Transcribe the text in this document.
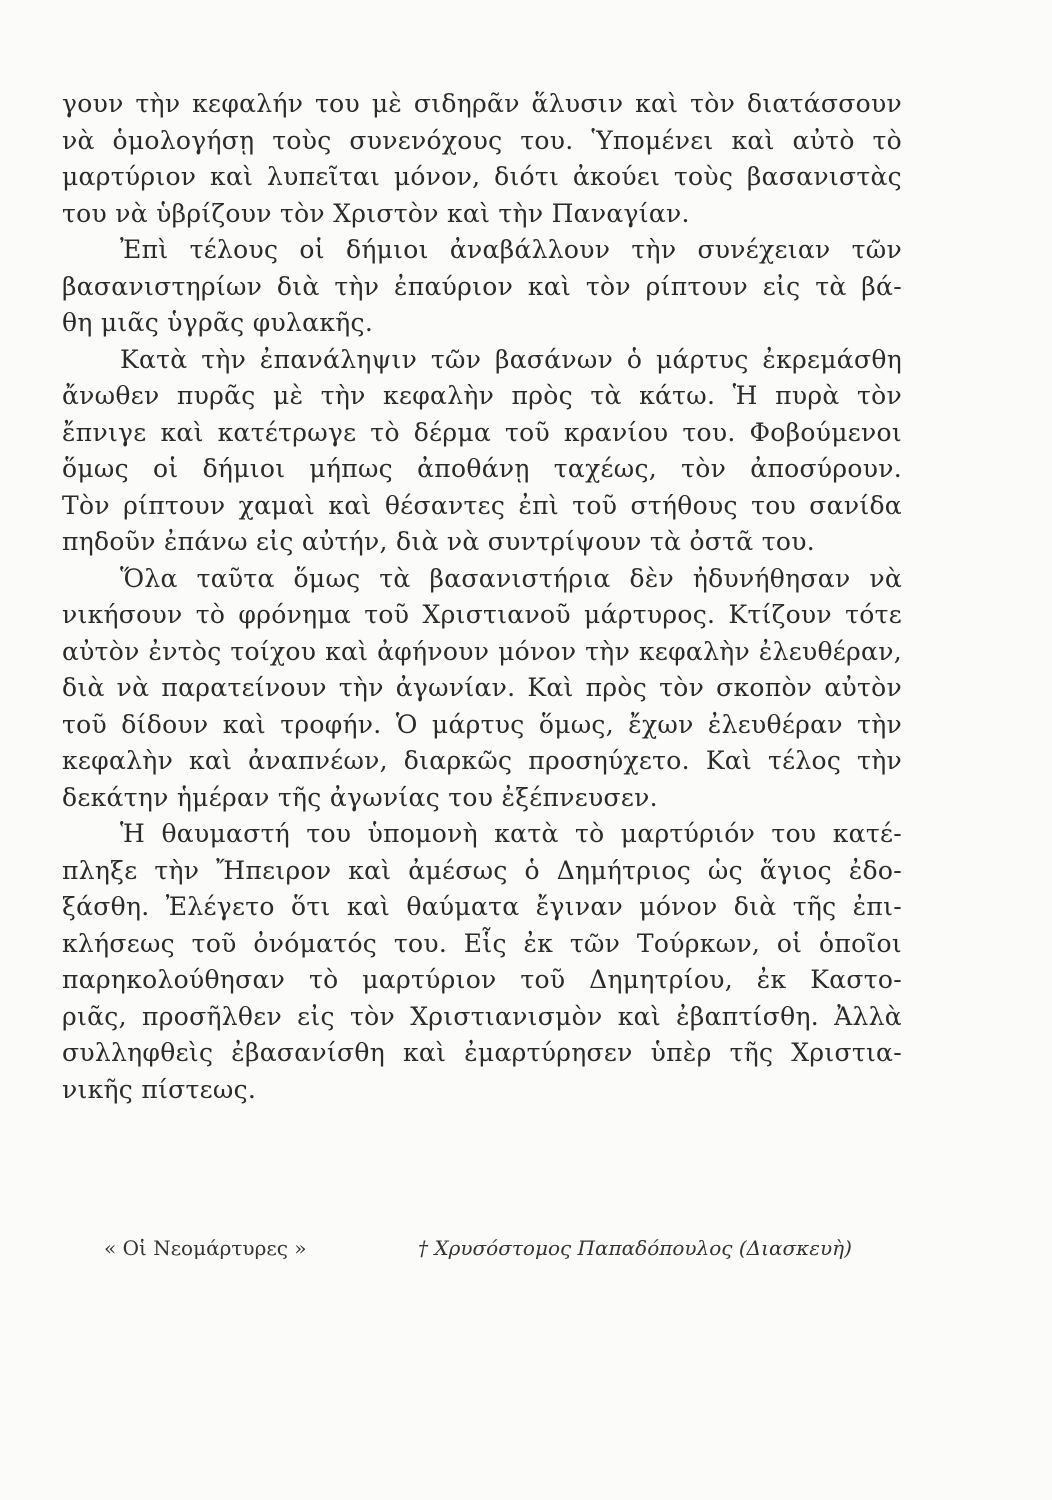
γουν τὴν κεφαλήν του μὲ σιδηρᾶν ἅλυσιν καὶ τὸν διατάσσουν
νὰ ὁμολογήσῃ τοὺς συνενόχους του. Ὑπομένει καὶ αὐτὸ τὸ
μαρτύριον καὶ λυπεῖται μόνον, διότι ἀκούει τοὺς βασανιστὰς
του νὰ ὑβρίζουν τὸν Χριστὸν καὶ τὴν Παναγίαν.
Ἐπὶ τέλους οἱ δήμιοι ἀναβάλλουν τὴν συνέχειαν τῶν
βασανιστηρίων διὰ τὴν ἐπαύριον καὶ τὸν ρίπτουν εἰς τὰ βά-
θη μιᾶς ὑγρᾶς φυλακῆς.
Κατὰ τὴν ἐπανάληψιν τῶν βασάνων ὁ μάρτυς ἐκρεμάσθη
ἄνωθεν πυρᾶς μὲ τὴν κεφαλὴν πρὸς τὰ κάτω. Ἡ πυρὰ τὸν
ἔπνιγε καὶ κατέτρωγε τὸ δέρμα τοῦ κρανίου του. Φοβούμενοι
ὅμως οἱ δήμιοι μήπως ἀποθάνῃ ταχέως, τὸν ἀποσύρουν.
Τὸν ρίπτουν χαμαὶ καὶ θέσαντες ἐπὶ τοῦ στήθους του σανίδα
πηδοῦν ἐπάνω εἰς αὐτήν, διὰ νὰ συντρίψουν τὰ ὀστᾶ του.
Ὅλα ταῦτα ὅμως τὰ βασανιστήρια δὲν ἠδυνήθησαν νὰ
νικήσουν τὸ φρόνημα τοῦ Χριστιανοῦ μάρτυρος. Κτίζουν τότε
αὐτὸν ἐντὸς τοίχου καὶ ἀφήνουν μόνον τὴν κεφαλὴν ἐλευθέραν,
διὰ νὰ παρατείνουν τὴν ἀγωνίαν. Καὶ πρὸς τὸν σκοπὸν αὐτὸν
τοῦ δίδουν καὶ τροφήν. Ὁ μάρτυς ὅμως, ἔχων ἐλευθέραν τὴν
κεφαλὴν καὶ ἀναπνέων, διαρκῶς προσηύχετο. Καὶ τέλος τὴν
δεκάτην ἡμέραν τῆς ἀγωνίας του ἐξέπνευσεν.
Ἡ θαυμαστή του ὑπομονὴ κατὰ τὸ μαρτύριόν του κατέ-
πληξε τὴν Ἤπειρον καὶ ἀμέσως ὁ Δημήτριος ὡς ἅγιος ἐδο-
ξάσθη. Ἐλέγετο ὅτι καὶ θαύματα ἔγιναν μόνον διὰ τῆς ἐπι-
κλήσεως τοῦ ὀνόματός του. Εἷς ἐκ τῶν Τούρκων, οἱ ὁποῖοι
παρηκολούθησαν τὸ μαρτύριον τοῦ Δημητρίου, ἐκ Καστο-
ριᾶς, προσῆλθεν εἰς τὸν Χριστιανισμὸν καὶ ἐβαπτίσθη. Ἀλλὰ
συλληφθεὶς ἐβασανίσθη καὶ ἐμαρτύρησεν ὑπὲρ τῆς Χριστια-
νικῆς πίστεως.
« Οἱ Νεομάρτυρες »	† Χρυσόστομος Παπαδόπουλος (Διασκευὴ)
